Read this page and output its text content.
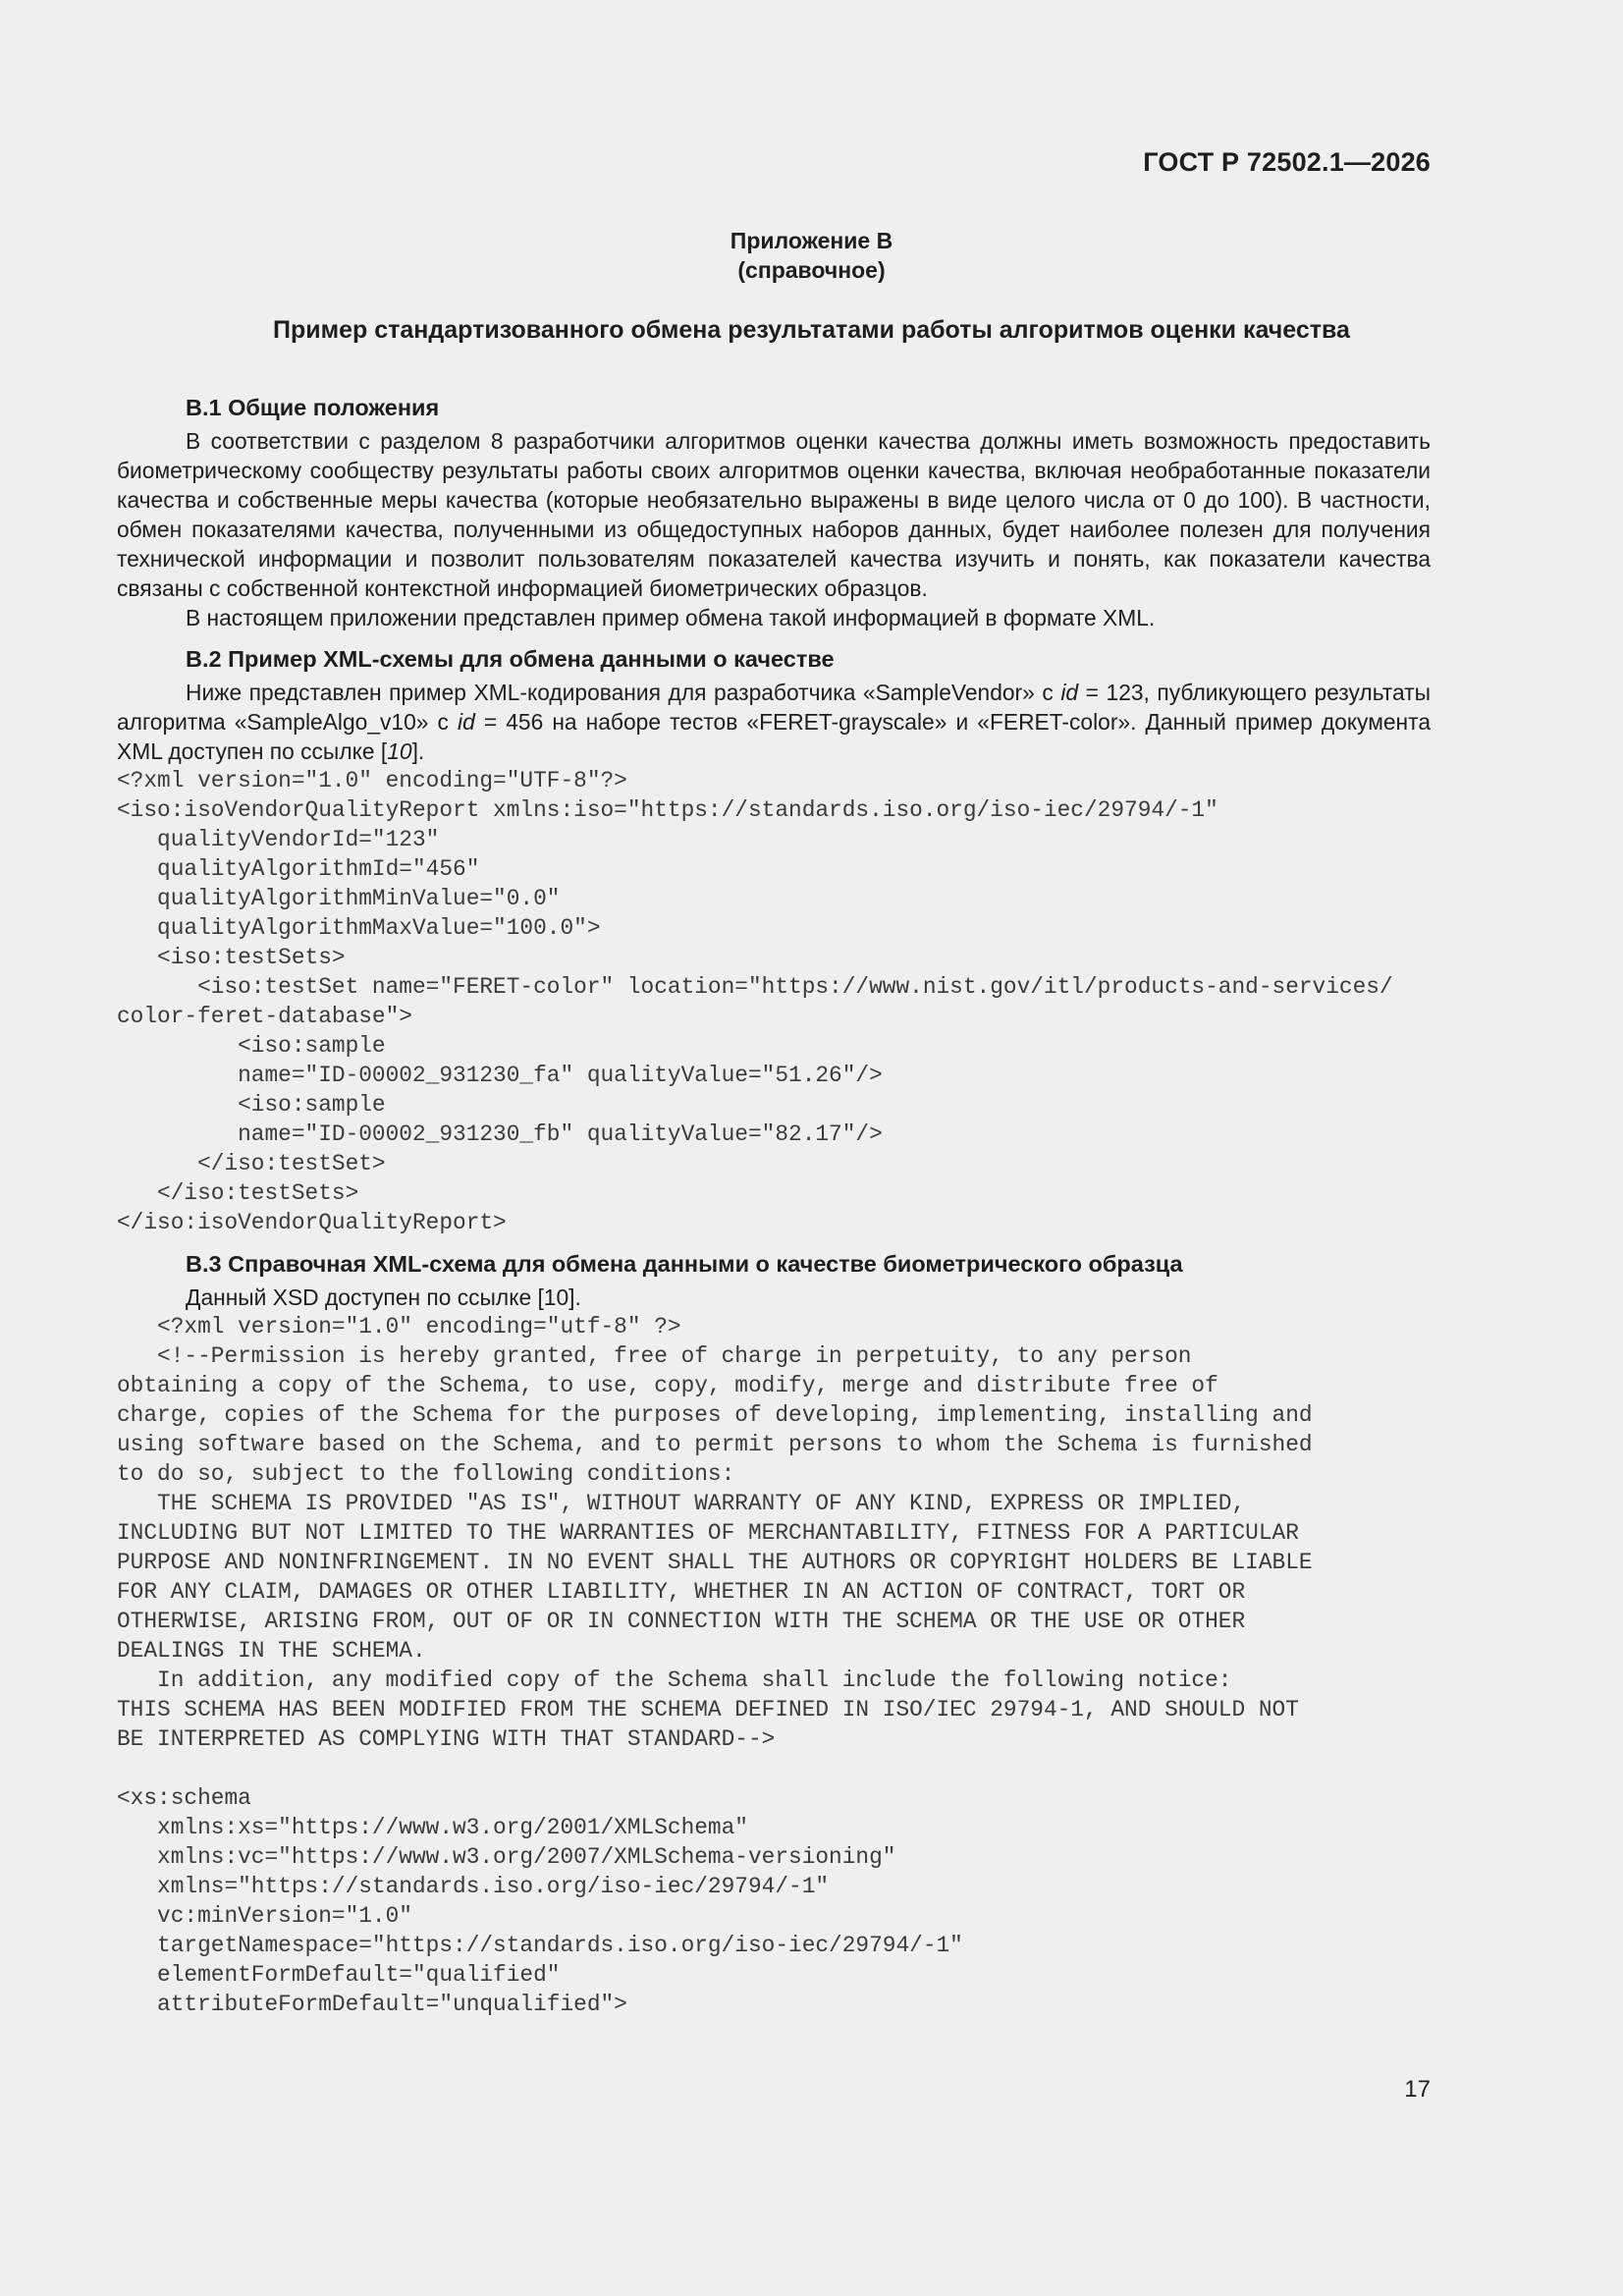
ГОСТ Р 72502.1—2026
Приложение В
(справочное)
Пример стандартизованного обмена результатами работы алгоритмов оценки качества
В.1 Общие положения

В соответствии с разделом 8 разработчики алгоритмов оценки качества должны иметь возможность предоставить биометрическому сообществу результаты работы своих алгоритмов оценки качества, включая необработанные показатели качества и собственные меры качества (которые необязательно выражены в виде целого числа от 0 до 100). В частности, обмен показателями качества, полученными из общедоступных наборов данных, будет наиболее полезен для получения технической информации и позволит пользователям показателей качества изучить и понять, как показатели качества связаны с собственной контекстной информацией биометрических образцов.

В настоящем приложении представлен пример обмена такой информацией в формате XML.

В.2 Пример XML-схемы для обмена данными о качестве

Ниже представлен пример XML-кодирования для разработчика «SampleVendor» с id = 123, публикующего результаты алгоритма «SampleAlgo_v10» с id = 456 на наборе тестов «FERET-grayscale» и «FERET-color». Данный пример документа XML доступен по ссылке [10].

<?xml version="1.0" encoding="UTF-8"?>
<iso:isoVendorQualityReport xmlns:iso="https://standards.iso.org/iso-iec/29794/-1"
qualityVendorId="123"
qualityAlgorithmId="456"
qualityAlgorithmMinValue="0.0"
qualityAlgorithmMaxValue="100.0">
<iso:testSets>
<iso:testSet name="FERET-color" location="https://www.nist.gov/itl/products-and-services/
color-feret-database">
<iso:sample
name="ID-00002_931230_fa" qualityValue="51.26"/>
<iso:sample
name="ID-00002_931230_fb" qualityValue="82.17"/>
</iso:testSet>
</iso:testSets>
</iso:isoVendorQualityReport>
В.3 Справочная XML-схема для обмена данными о качестве биометрического образца

Данный XSD доступен по ссылке [10].

<?xml version="1.0" encoding="utf-8" ?>
<!--Permission is hereby granted, free of charge in perpetuity, to any person
obtaining a copy of the Schema, to use, copy, modify, merge and distribute free of
charge, copies of the Schema for the purposes of developing, implementing, installing and
using software based on the Schema, and to permit persons to whom the Schema is furnished
to do so, subject to the following conditions:
THE SCHEMA IS PROVIDED "AS IS", WITHOUT WARRANTY OF ANY KIND, EXPRESS OR IMPLIED,
INCLUDING BUT NOT LIMITED TO THE WARRANTIES OF MERCHANTABILITY, FITNESS FOR A PARTICULAR
PURPOSE AND NONINFRINGEMENT. IN NO EVENT SHALL THE AUTHORS OR COPYRIGHT HOLDERS BE LIABLE
FOR ANY CLAIM, DAMAGES OR OTHER LIABILITY, WHETHER IN AN ACTION OF CONTRACT, TORT OR
OTHERWISE, ARISING FROM, OUT OF OR IN CONNECTION WITH THE SCHEMA OR THE USE OR OTHER
DEALINGS IN THE SCHEMA.
In addition, any modified copy of the Schema shall include the following notice:
THIS SCHEMA HAS BEEN MODIFIED FROM THE SCHEMA DEFINED IN ISO/IEC 29794-1, AND SHOULD NOT
BE INTERPRETED AS COMPLYING WITH THAT STANDARD-->

<xs:schema
xmlns:xs="https://www.w3.org/2001/XMLSchema"
xmlns:vc="https://www.w3.org/2007/XMLSchema-versioning"
xmlns="https://standards.iso.org/iso-iec/29794/-1"
vc:minVersion="1.0"
targetNamespace="https://standards.iso.org/iso-iec/29794/-1"
elementFormDefault="qualified"
attributeFormDefault="unqualified">
17
